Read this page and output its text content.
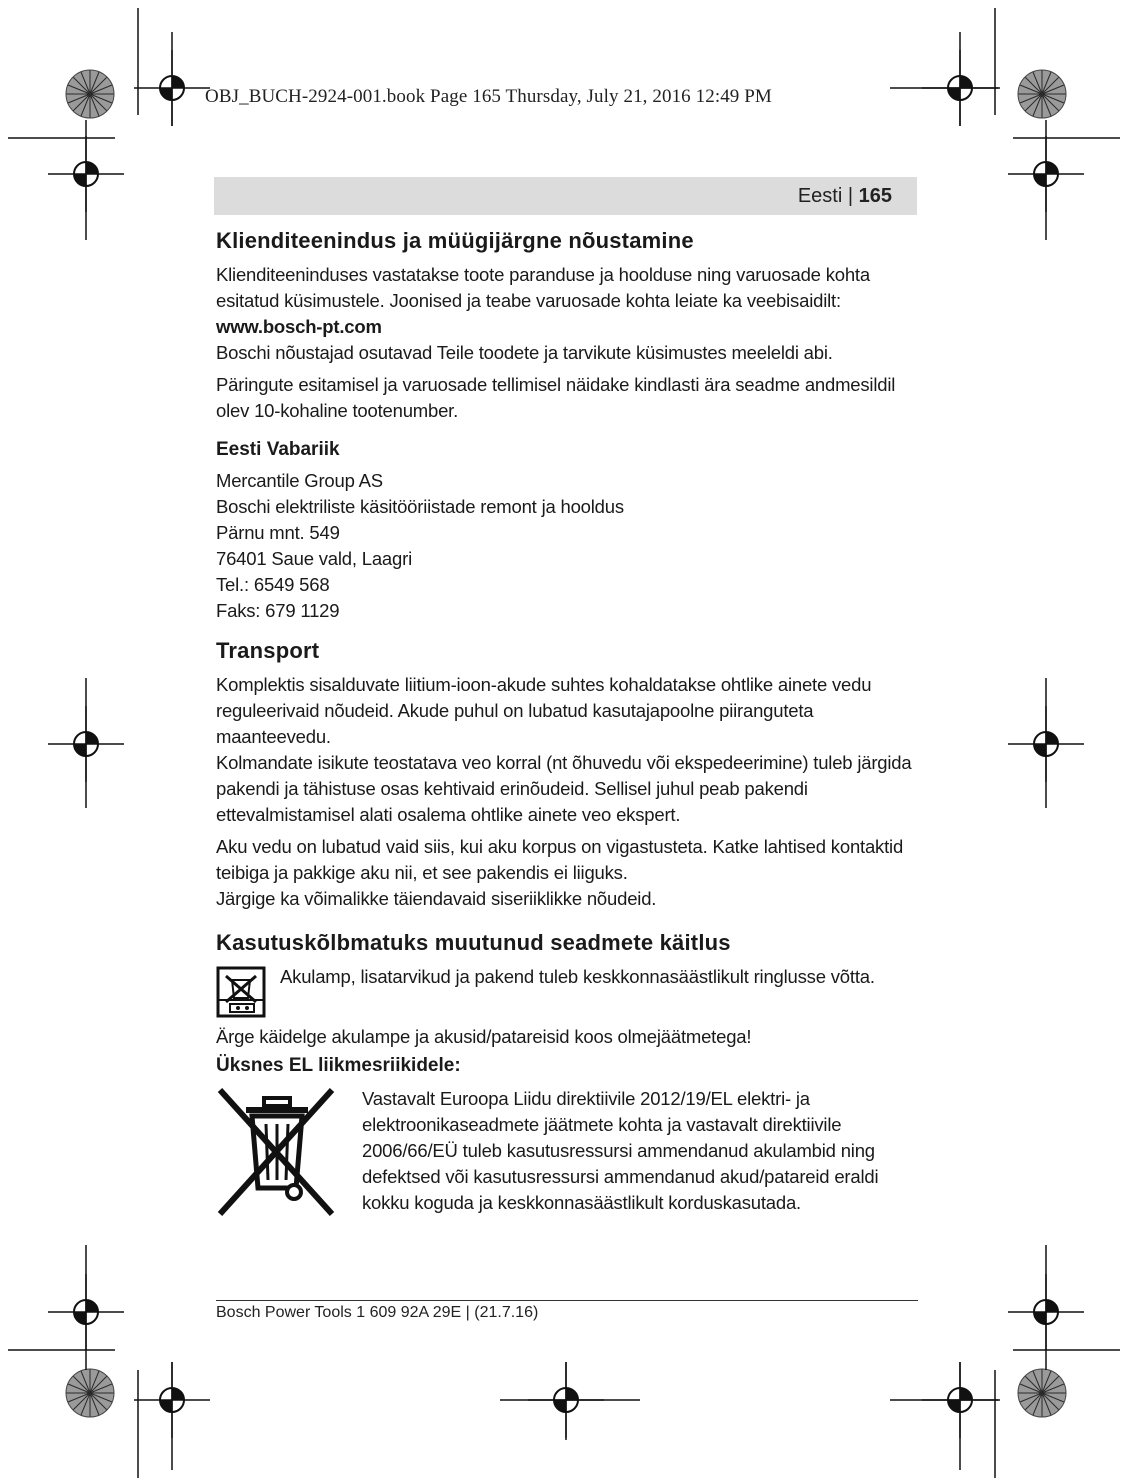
OBJ_BUCH-2924-001.book Page 165 Thursday, July 21, 2016 12:49 PM
Eesti | 165
Klienditeenindus ja müügijärgne nõustamine

Klienditeeninduses vastatakse toote paranduse ja hoolduse ning varuosade kohta esitatud küsimustele. Joonised ja teabe varuosade kohta leiate ka veebisaidilt:

www.bosch-pt.com

Boschi nõustajad osutavad Teile toodete ja tarvikute küsimustes meeleldi abi.

Päringute esitamisel ja varuosade tellimisel näidake kindlasti ära seadme andmesildil olev 10-kohaline tootenumber.

Eesti Vabariik

Mercantile Group AS

Boschi elektriliste käsitööriistade remont ja hooldus

Pärnu mnt. 549

76401 Saue vald, Laagri

Tel.: 6549 568

Faks: 679 1129

Transport

Komplektis sisalduvate liitium-ioon-akude suhtes kohaldatakse ohtlike ainete vedu reguleerivaid nõudeid. Akude puhul on lubatud kasutajapoolne piiranguteta maanteevedu.

Kolmandate isikute teostatava veo korral (nt õhuvedu või ekspedeerimine) tuleb järgida pakendi ja tähistuse osas kehtivaid erinõudeid. Sellisel juhul peab pakendi ettevalmistamisel alati osalema ohtlike ainete veo ekspert.

Aku vedu on lubatud vaid siis, kui aku korpus on vigastusteta. Katke lahtised kontaktid teibiga ja pakkige aku nii, et see pakendis ei liiguks.

Järgige ka võimalikke täiendavaid siseriiklikke nõudeid.

Kasutuskõlbmatuks muutunud seadmete käitlus

Akulamp, lisatarvikud ja pakend tuleb keskkonnasäästlikult ringlusse võtta.

Ärge käidelge akulampe ja akusid/patareisid koos olmejäätmetega!

Üksnes EL liikmesriikidele:

Vastavalt Euroopa Liidu direktiivile 2012/19/EL elektri- ja elektroonikaseadmete jäätmete kohta ja vastavalt direktiivile 2006/66/EÜ tuleb kasutusressursi ammendanud akulambid ning defektsed või kasutusressursi ammendanud akud/patareid eraldi kokku koguda ja keskkonnasäästlikult korduskasutada.

Bosch Power Tools 1 609 92A 29E | (21.7.16)
